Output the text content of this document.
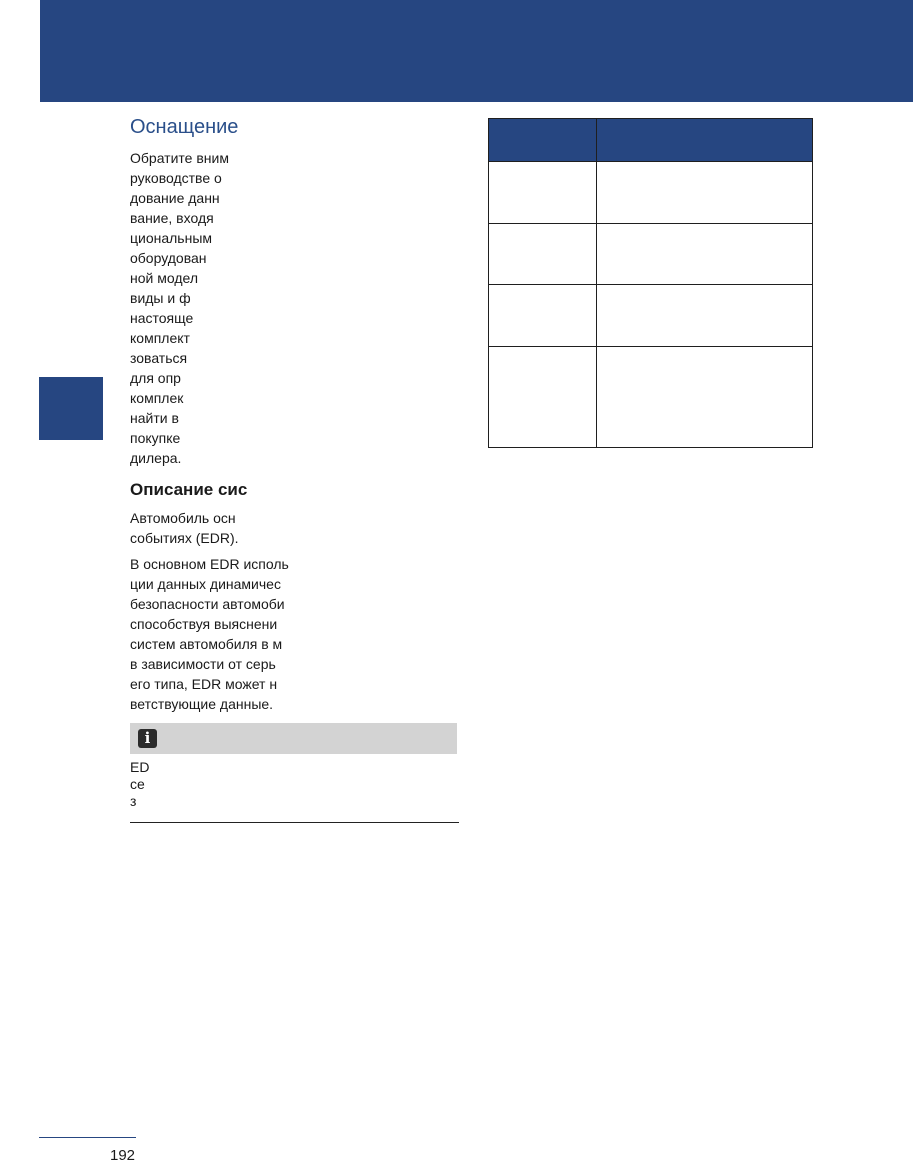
Оснащение

Обратите вним
руководстве о
дование данн
вание, входя
циональным
оборудован
ной модел
виды и ф
настояще
комплект
зоваться
для опр
комплек
найти в
покупке
дилера.

Описание сис

Автомобиль осн
событиях (EDR).

В основном EDR исполь
ции данных динамичес
безопасности автомоби
способствуя выяснени
систем автомобиля в м
в зависимости от серь
его типа, EDR может н
ветствующие данные.

i

ED
се
з

192
